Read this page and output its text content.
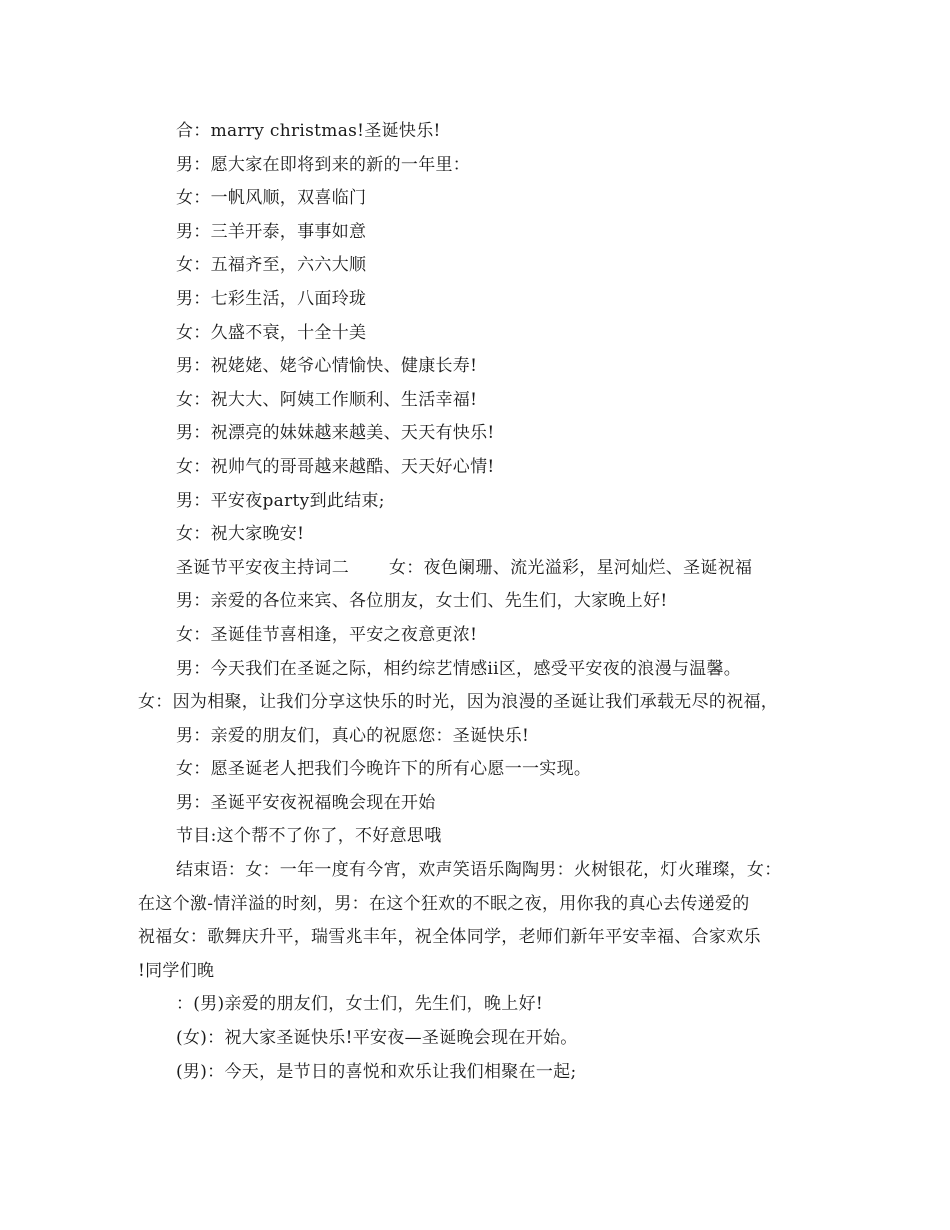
合：marry christmas!圣诞快乐!
男：愿大家在即将到来的新的一年里：
女：一帆风顺，双喜临门
男：三羊开泰，事事如意
女：五福齐至，六六大顺
男：七彩生活，八面玲珑
女：久盛不衰，十全十美
男：祝姥姥、姥爷心情愉快、健康长寿!
女：祝大大、阿姨工作顺利、生活幸福!
男：祝漂亮的妹妹越来越美、天天有快乐!
女：祝帅气的哥哥越来越酷、天天好心情!
男：平安夜party到此结束;
女：祝大家晚安!
圣诞节平安夜主持词二 女：夜色阑珊、流光溢彩，星河灿烂、圣诞祝福
男：亲爱的各位来宾、各位朋友，女士们、先生们，大家晚上好!
女：圣诞佳节喜相逢，平安之夜意更浓!
男：今天我们在圣诞之际，相约综艺情感ii区，感受平安夜的浪漫与温馨。
女：因为相聚，让我们分享这快乐的时光，因为浪漫的圣诞让我们承载无尽的祝福，
男：亲爱的朋友们，真心的祝愿您：圣诞快乐!
女：愿圣诞老人把我们今晚许下的所有心愿一一实现。
男：圣诞平安夜祝福晚会现在开始
节目:这个帮不了你了，不好意思哦
结束语：女：一年一度有今宵，欢声笑语乐陶陶男：火树银花，灯火璀璨，女：
在这个激-情洋溢的时刻，男：在这个狂欢的不眠之夜，用你我的真心去传递爱的
祝福女：歌舞庆升平，瑞雪兆丰年，祝全体同学，老师们新年平安幸福、合家欢乐
!同学们晚
：(男)亲爱的朋友们，女士们，先生们，晚上好!
(女)：祝大家圣诞快乐!平安夜—圣诞晚会现在开始。
(男)：今天，是节日的喜悦和欢乐让我们相聚在一起;
